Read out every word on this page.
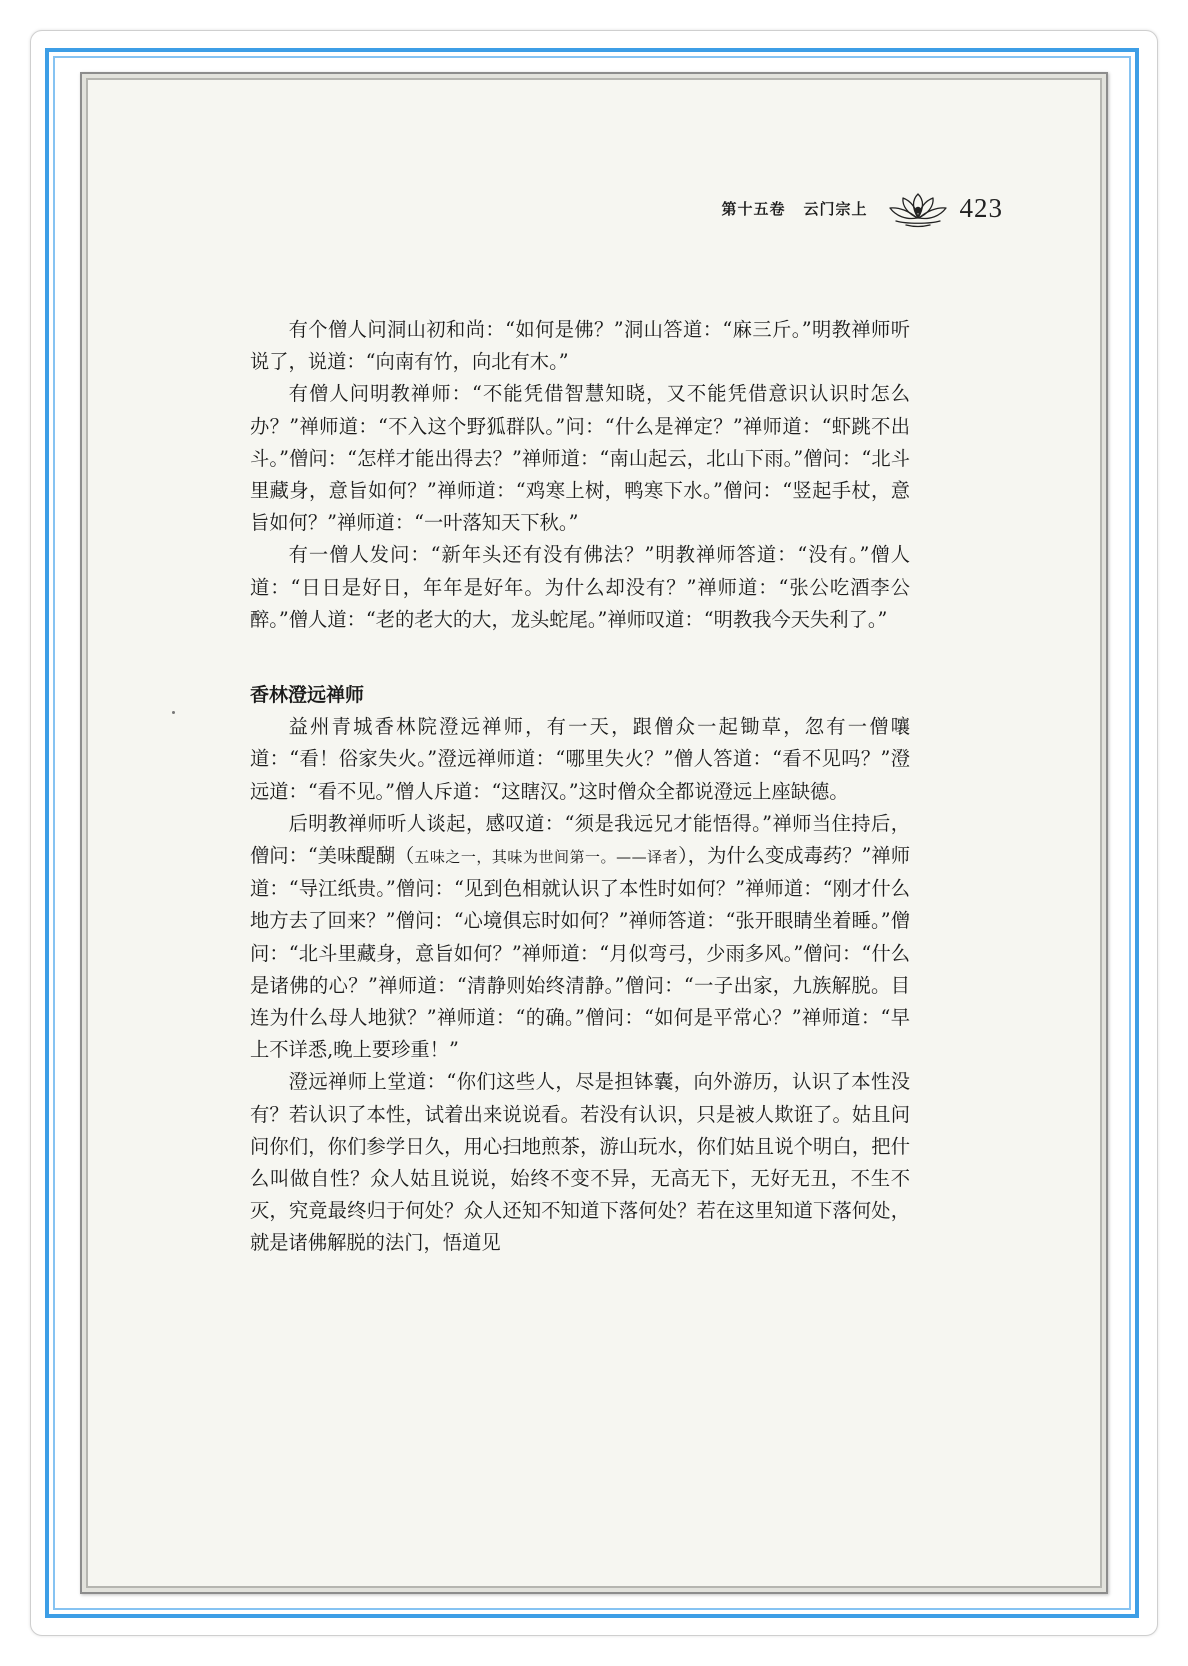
第十五卷 云门宗上	423

有个僧人问洞山初和尚：“如何是佛？”洞山答道：“麻三斤。”明教禅师听说了，说道：“向南有竹，向北有木。”

有僧人问明教禅师：“不能凭借智慧知晓，又不能凭借意识认识时怎么办？”禅师道：“不入这个野狐群队。”问：“什么是禅定？”禅师道：“虾跳不出斗。”僧问：“怎样才能出得去？”禅师道：“南山起云，北山下雨。”僧问：“北斗里藏身，意旨如何？”禅师道：“鸡寒上树，鸭寒下水。”僧问：“竖起手杖，意旨如何？”禅师道：“一叶落知天下秋。”

有一僧人发问：“新年头还有没有佛法？”明教禅师答道：“没有。”僧人道：“日日是好日，年年是好年。为什么却没有？”禅师道：“张公吃酒李公醉。”僧人道：“老的老大的大，龙头蛇尾。”禅师叹道：“明教我今天失利了。”

香林澄远禅师

益州青城香林院澄远禅师，有一天，跟僧众一起锄草，忽有一僧嚷道：“看！俗家失火。”澄远禅师道：“哪里失火？”僧人答道：“看不见吗？”澄远道：“看不见。”僧人斥道：“这瞎汉。”这时僧众全都说澄远上座缺德。

后明教禅师听人谈起，感叹道：“须是我远兄才能悟得。”禅师当住持后，僧问：“美味醍醐（五味之一，其味为世间第一。——译者），为什么变成毒药？”禅师道：“导江纸贵。”僧问：“见到色相就认识了本性时如何？”禅师道：“刚才什么地方去了回来？”僧问：“心境俱忘时如何？”禅师答道：“张开眼睛坐着睡。”僧问：“北斗里藏身，意旨如何？”禅师道：“月似弯弓，少雨多风。”僧问：“什么是诸佛的心？”禅师道：“清静则始终清静。”僧问：“一子出家，九族解脱。目连为什么母人地狱？”禅师道：“的确。”僧问：“如何是平常心？”禅师道：“早上不详悉,晚上要珍重！”

澄远禅师上堂道：“你们这些人，尽是担钵囊，向外游历，认识了本性没有？若认识了本性，试着出来说说看。若没有认识，只是被人欺诳了。姑且问问你们，你们参学日久，用心扫地煎茶，游山玩水，你们姑且说个明白，把什么叫做自性？众人姑且说说，始终不变不异，无高无下，无好无丑，不生不灭，究竟最终归于何处？众人还知不知道下落何处？若在这里知道下落何处，就是诸佛解脱的法门，悟道见
